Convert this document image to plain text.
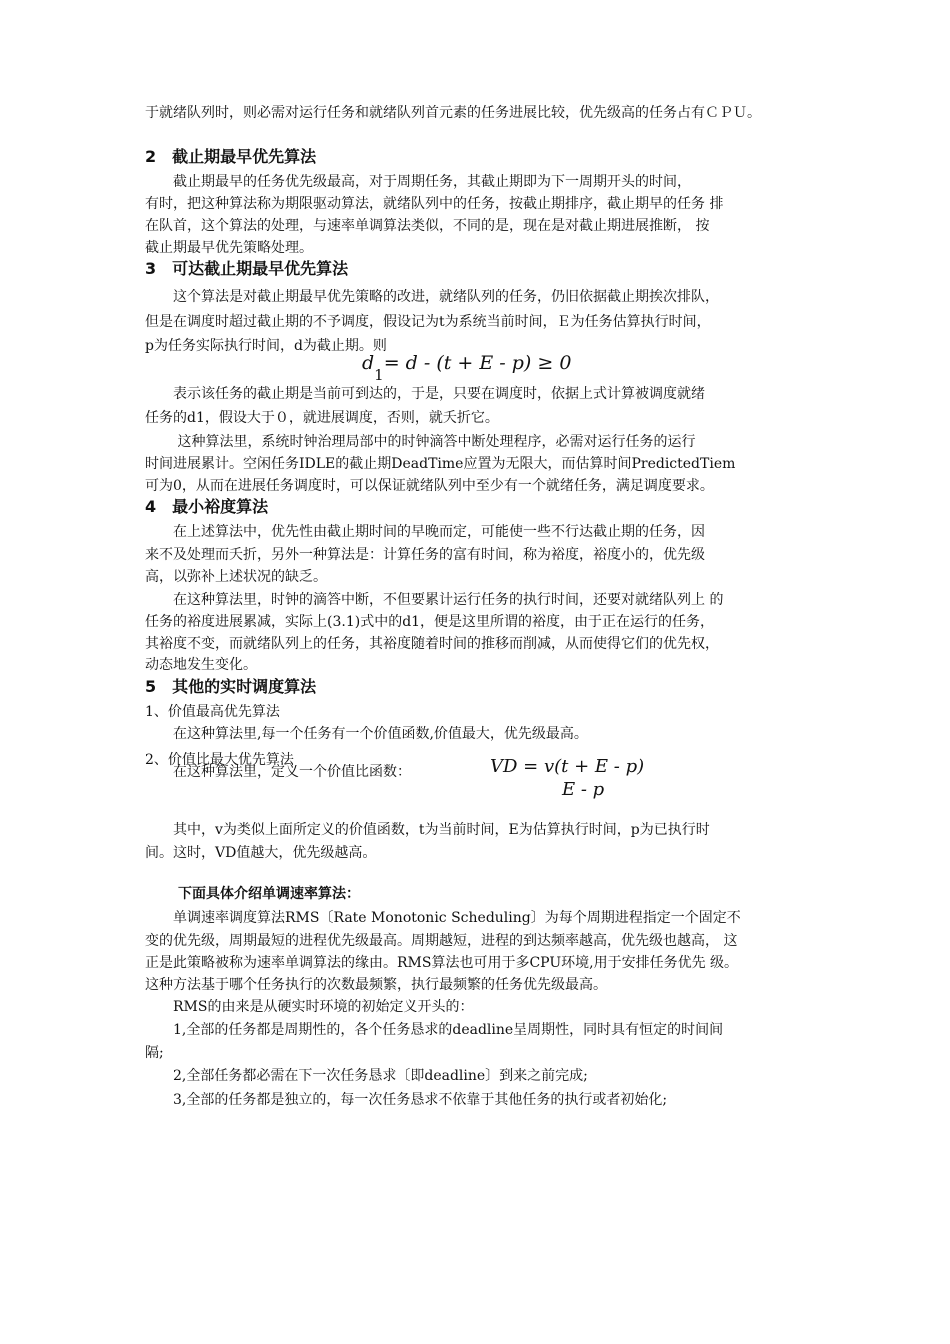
于就绪队列时，则必需对运行任务和就绪队列首元素的任务进展比较，优先级高的任务占有ＣＰＵ。
2　截止期最早优先算法
　　截止期最早的任务优先级最高，对于周期任务，其截止期即为下一周期开头的时间，
有时，把这种算法称为期限驱动算法，就绪队列中的任务，按截止期排序，截止期早的任务 排
在队首，这个算法的处理，与速率单调算法类似，不同的是，现在是对截止期进展推断， 按
截止期最早优先策略处理。
3　可达截止期最早优先算法
　　这个算法是对截止期最早优先策略的改进，就绪队列的任务，仍旧依据截止期挨次排队，
但是在调度时超过截止期的不予调度，假设记为t为系统当前时间，Ｅ为任务估算执行时间，
p为任务实际执行时间，d为截止期。则
$d_1= d - (t + E - p) \ge 0$
　　表示该任务的截止期是当前可到达的，于是，只要在调度时，依据上式计算被调度就绪
任务的d1，假设大于０，就进展调度，否则，就夭折它。
　　 这种算法里，系统时钟治理局部中的时钟滴答中断处理程序，必需对运行任务的运行
时间进展累计。空闲任务IDLE的截止期DeadTime应置为无限大，而估算时间PredictedTiem
可为0，从而在进展任务调度时，可以保证就绪队列中至少有一个就绪任务，满足调度要求。
4　最小裕度算法
　　在上述算法中，优先性由截止期时间的早晚而定，可能使一些不行达截止期的任务，因
来不及处理而夭折，另外一种算法是：计算任务的富有时间，称为裕度，裕度小的，优先级
高，以弥补上述状况的缺乏。
　　在这种算法里，时钟的滴答中断，不但要累计运行任务的执行时间，还要对就绪队列上 的
任务的裕度进展累减，实际上(3.1)式中的d1，便是这里所谓的裕度，由于正在运行的任务，
其裕度不变，而就绪队列上的任务，其裕度随着时间的推移而削减，从而使得它们的优先权，
动态地发生变化。
5　其他的实时调度算法
1、价值最高优先算法
　　在这种算法里,每一个任务有一个价值函数,价值最大，优先级最高。
2、价值比最大优先算法
　　在这种算法里，定义一个价值比函数：	VD = v(t + E - p)
E - p
　　其中，v为类似上面所定义的价值函数，t为当前时间，E为估算执行时间，p为已执行时
间。这时，VD值越大，优先级越高。
下面具体介绍单调速率算法：
　　单调速率调度算法RMS〔Rate Monotonic Scheduling〕为每个周期进程指定一个固定不
变的优先级，周期最短的进程优先级最高。周期越短，进程的到达频率越高，优先级也越高， 这
正是此策略被称为速率单调算法的缘由。RMS算法也可用于多CPU环境,用于安排任务优先 级。
这种方法基于哪个任务执行的次数最频繁，执行最频繁的任务优先级最高。
　　RMS的由来是从硬实时环境的初始定义开头的：
　　1,全部的任务都是周期性的，各个任务恳求的deadline呈周期性，同时具有恒定的时间间
隔;
　　2,全部任务都必需在下一次任务恳求〔即deadline〕到来之前完成;
　　3,全部的任务都是独立的，每一次任务恳求不依靠于其他任务的执行或者初始化;
